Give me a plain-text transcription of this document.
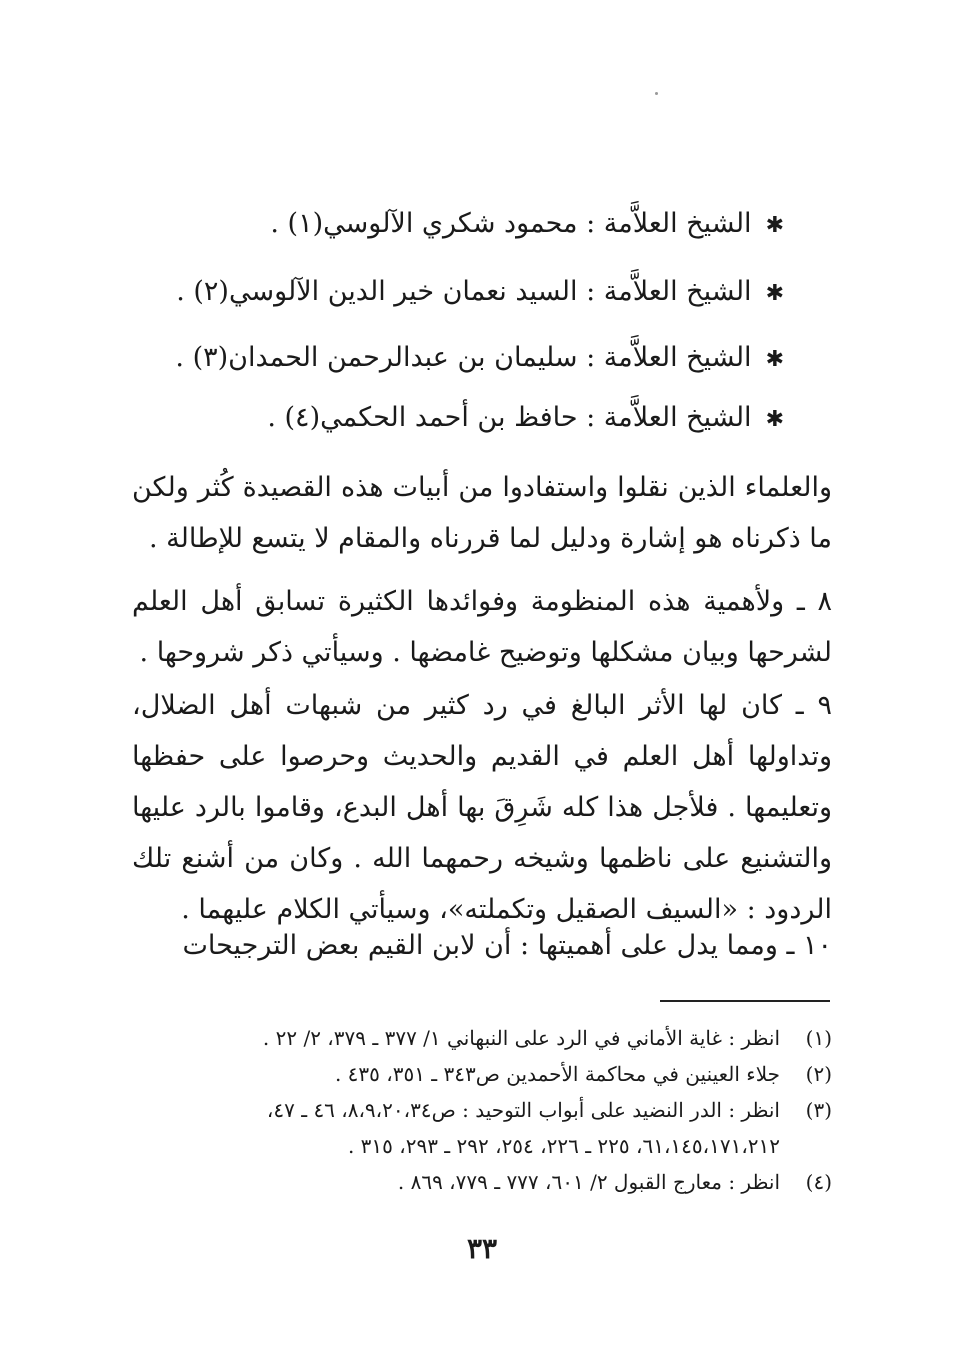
✱الشيخ العلاَّمة : محمود شكري الآلوسي(١) .
✱الشيخ العلاَّمة : السيد نعمان خير الدين الآلوسي(٢) .
✱الشيخ العلاَّمة : سليمان بن عبدالرحمن الحمدان(٣) .
✱الشيخ العلاَّمة : حافظ بن أحمد الحكمي(٤) .

والعلماء الذين نقلوا واستفادوا من أبيات هذه القصيدة كُثر ولكن ما ذكرناه هو إشارة ودليل لما قررناه والمقام لا يتسع للإطالة .

٨ ـ ولأهمية هذه المنظومة وفوائدها الكثيرة تسابق أهل العلم لشرحها وبيان مشكلها وتوضيح غامضها . وسيأتي ذكر شروحها .

٩ ـ كان لها الأثر البالغ في رد كثير من شبهات أهل الضلال، وتداولها أهل العلم في القديم والحديث وحرصوا على حفظها وتعليمها . فلأجل هذا كله شَرِقَ بها أهل البدع، وقاموا بالرد عليها والتشنيع على ناظمها وشيخه رحمهما الله . وكان من أشنع تلك الردود : «السيف الصقيل وتكملته»، وسيأتي الكلام عليهما .

١٠ ـ ومما يدل على أهميتها : أن لابن القيم بعض الترجيحات

(١)
انظر : غاية الأماني في الرد على النبهاني ١/ ٣٧٧ ـ ٣٧٩، ٢/ ٢٢ .
(٢)
جلاء العينين في محاكمة الأحمدين ص٣٤٣ ـ ٣٥١، ٤٣٥ .
(٣)
انظر : الدر النضيد على أبواب التوحيد : ص٨،٩،٢٠،٣٤، ٤٦ ـ ٤٧، ٦١،١٤٥،١٧١،٢١٢، ٢٢٥ ـ ٢٢٦، ٢٥٤، ٢٩٢ ـ ٢٩٣، ٣١٥ .
(٤)
انظر : معارج القبول ٢/ ٦٠١، ٧٧٧ ـ ٧٧٩، ٨٦٩ .
٣٣
